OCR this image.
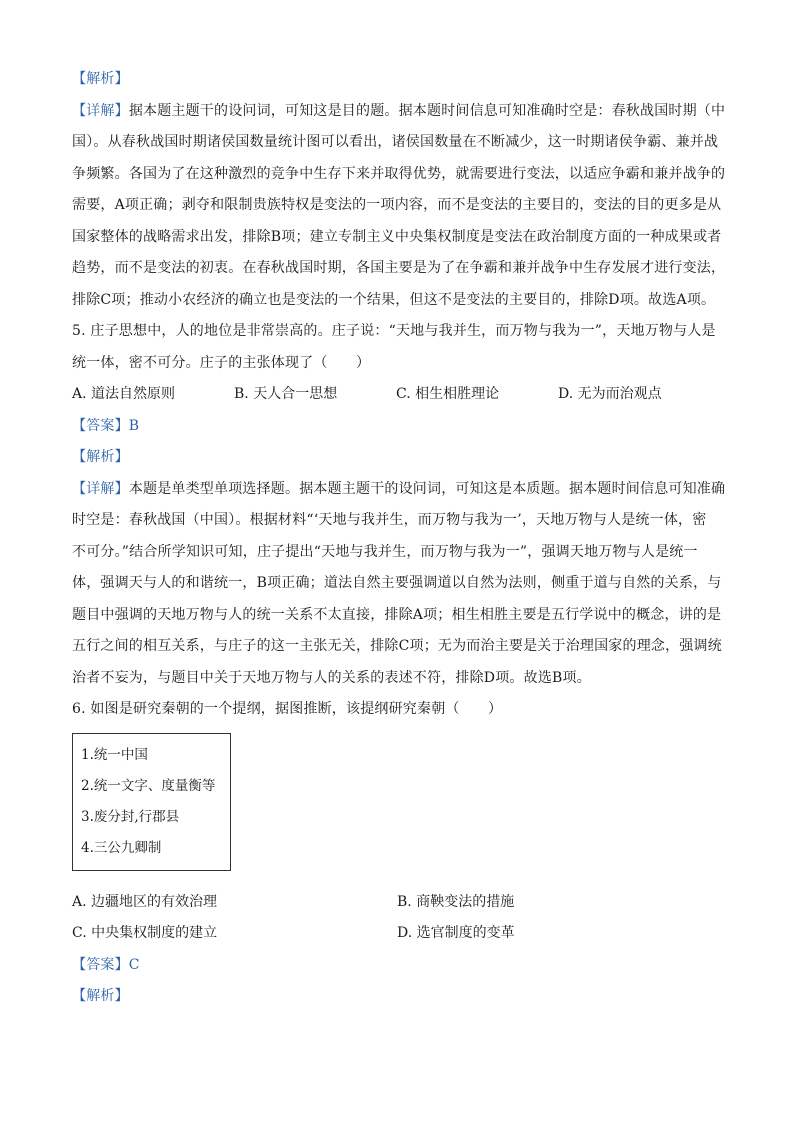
【解析】
【详解】据本题主题干的设问词，可知这是目的题。据本题时间信息可知准确时空是：春秋战国时期（中
国）。从春秋战国时期诸侯国数量统计图可以看出，诸侯国数量在不断减少，这一时期诸侯争霸、兼并战
争频繁。各国为了在这种激烈的竞争中生存下来并取得优势，就需要进行变法，以适应争霸和兼并战争的
需要，A项正确；剥夺和限制贵族特权是变法的一项内容，而不是变法的主要目的，变法的目的更多是从
国家整体的战略需求出发，排除B项；建立专制主义中央集权制度是变法在政治制度方面的一种成果或者
趋势，而不是变法的初衷。在春秋战国时期，各国主要是为了在争霸和兼并战争中生存发展才进行变法，
排除C项；推动小农经济的确立也是变法的一个结果，但这不是变法的主要目的，排除D项。故选A项。
5. 庄子思想中，人的地位是非常崇高的。庄子说：“天地与我并生，而万物与我为一”，天地万物与人是
统一体，密不可分。庄子的主张体现了（　　）
A. 道法自然原则	B. 天人合一思想	C. 相生相胜理论	D. 无为而治观点
【答案】B
【解析】
【详解】本题是单类型单项选择题。据本题主题干的设问词，可知这是本质题。据本题时间信息可知准确
时空是：春秋战国（中国）。根据材料“‘天地与我并生，而万物与我为一’，天地万物与人是统一体，密
不可分。”结合所学知识可知，庄子提出“天地与我并生，而万物与我为一”，强调天地万物与人是统一
体，强调天与人的和谐统一，B项正确；道法自然主要强调道以自然为法则，侧重于道与自然的关系，与
题目中强调的天地万物与人的统一关系不太直接，排除A项；相生相胜主要是五行学说中的概念，讲的是
五行之间的相互关系，与庄子的这一主张无关，排除C项；无为而治主要是关于治理国家的理念，强调统
治者不妄为，与题目中关于天地万物与人的关系的表述不符，排除D项。故选B项。
6. 如图是研究秦朝的一个提纲，据图推断，该提纲研究秦朝（　　）
1.统一中国
2.统一文字、度量衡等
3.废分封,行郡县
4.三公九卿制
A. 边疆地区的有效治理	B. 商鞅变法的措施
C. 中央集权制度的建立	D. 选官制度的变革
【答案】C
【解析】
